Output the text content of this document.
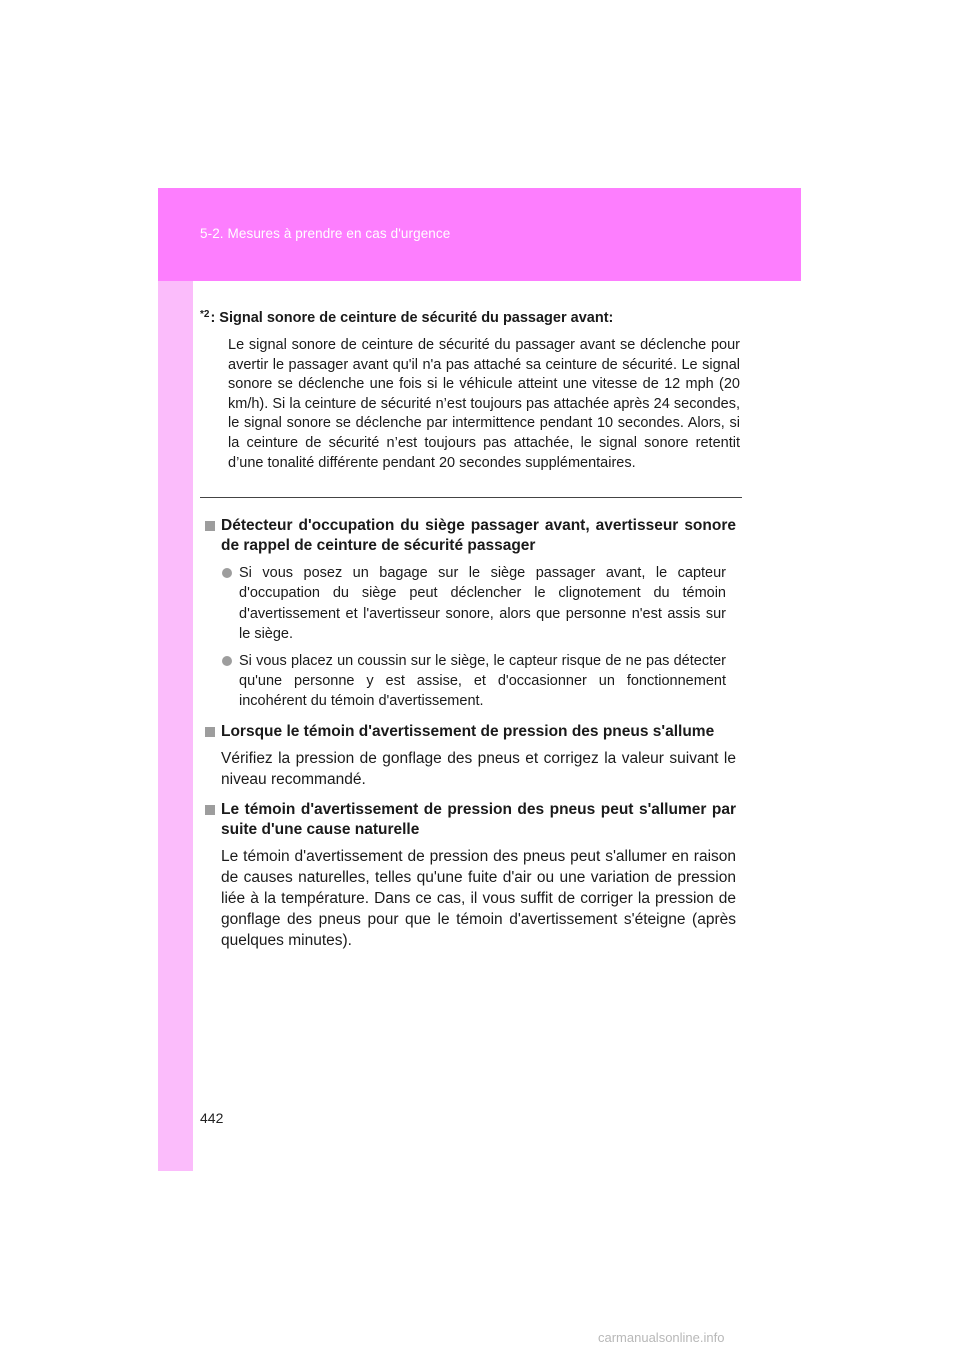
5-2. Mesures à prendre en cas d'urgence
$^{*2}$: Signal sonore de ceinture de sécurité du passager avant:
Le signal sonore de ceinture de sécurité du passager avant se déclenche pour avertir le passager avant qu'il n'a pas attaché sa ceinture de sécurité. Le signal sonore se déclenche une fois si le véhicule atteint une vitesse de 12 mph (20 km/h). Si la ceinture de sécurité n’est toujours pas attachée après 24 secondes, le signal sonore se déclenche par intermittence pendant 10 secondes. Alors, si la ceinture de sécurité n’est toujours pas attachée, le signal sonore retentit d’une tonalité différente pendant 20 secondes supplémentaires.
Détecteur d'occupation du siège passager avant, avertisseur sonore de rappel de ceinture de sécurité passager
Si vous posez un bagage sur le siège passager avant, le capteur d'occupation du siège peut déclencher le clignotement du témoin d'avertissement et l'avertisseur sonore, alors que personne n'est assis sur le siège.
Si vous placez un coussin sur le siège, le capteur risque de ne pas détecter qu'une personne y est assise, et d'occasionner un fonctionnement incohérent du témoin d'avertissement.
Lorsque le témoin d'avertissement de pression des pneus s'allume
Vérifiez la pression de gonflage des pneus et corrigez la valeur suivant le niveau recommandé.
Le témoin d'avertissement de pression des pneus peut s'allumer par suite d'une cause naturelle
Le témoin d'avertissement de pression des pneus peut s'allumer en raison de causes naturelles, telles qu'une fuite d'air ou une variation de pression liée à la température. Dans ce cas, il vous suffit de corriger la pression de gonflage des pneus pour que le témoin d'avertissement s'éteigne (après quelques minutes).
442
carmanualsonline.info
